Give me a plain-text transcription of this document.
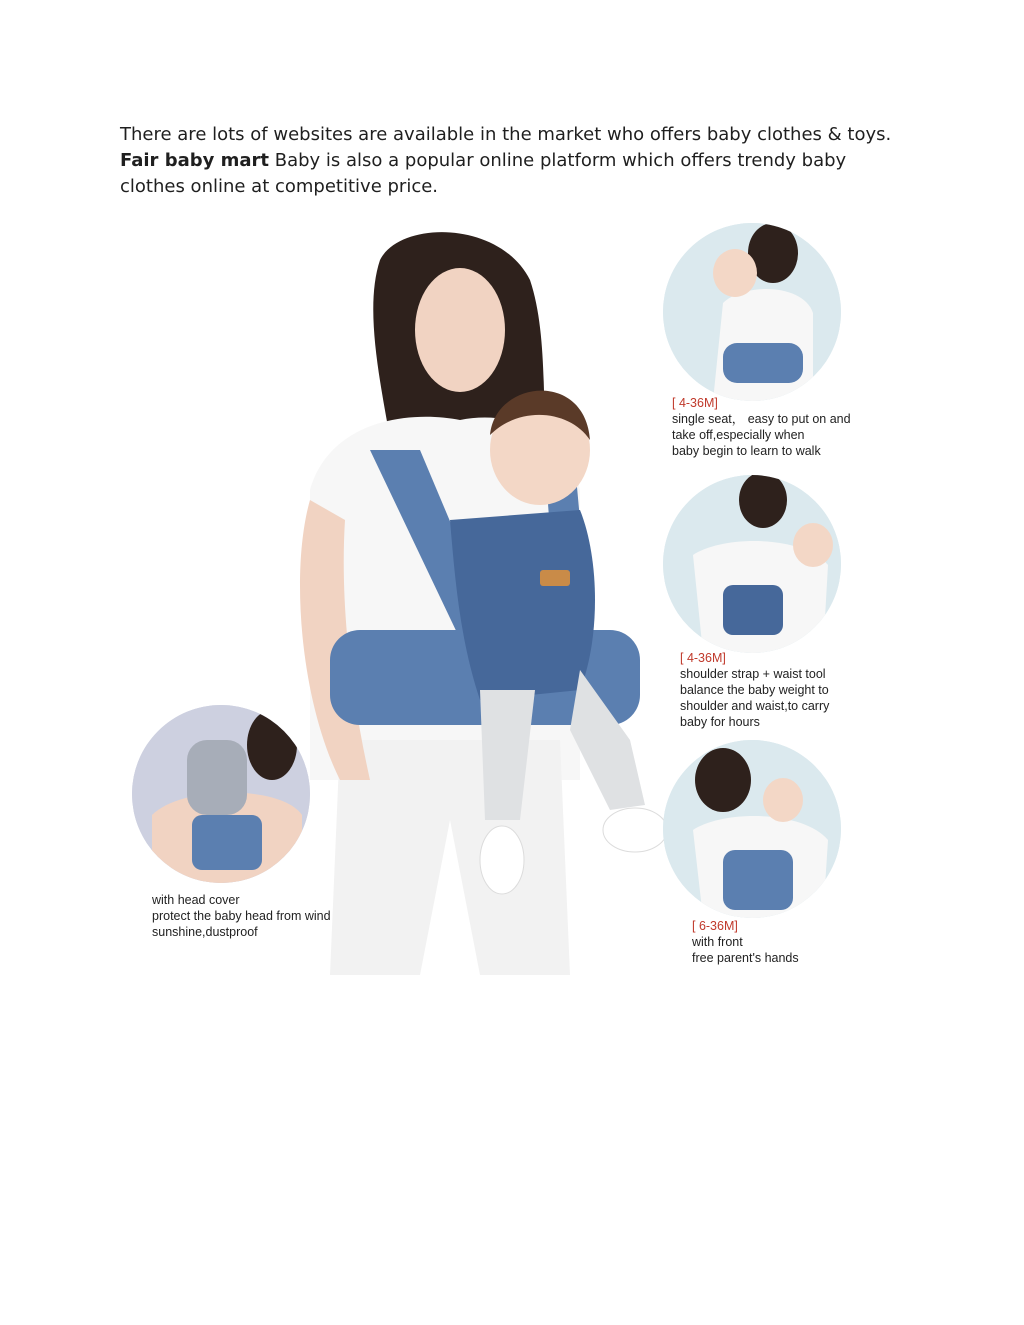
There are lots of websites are available in the market who offers baby clothes & toys. Fair baby mart Baby is also a popular online platform which offers trendy baby clothes online at competitive price.
[ 4-36M]
single seat， easy to put on and
take off,especially when
baby begin to learn to walk
[ 4-36M]
shoulder strap + waist tool
balance the baby weight to
shoulder and waist,to carry
baby for hours
[ 6-36M]
with front
free parent's hands
with head cover
protect the baby head from wind
sunshine,dustproof
